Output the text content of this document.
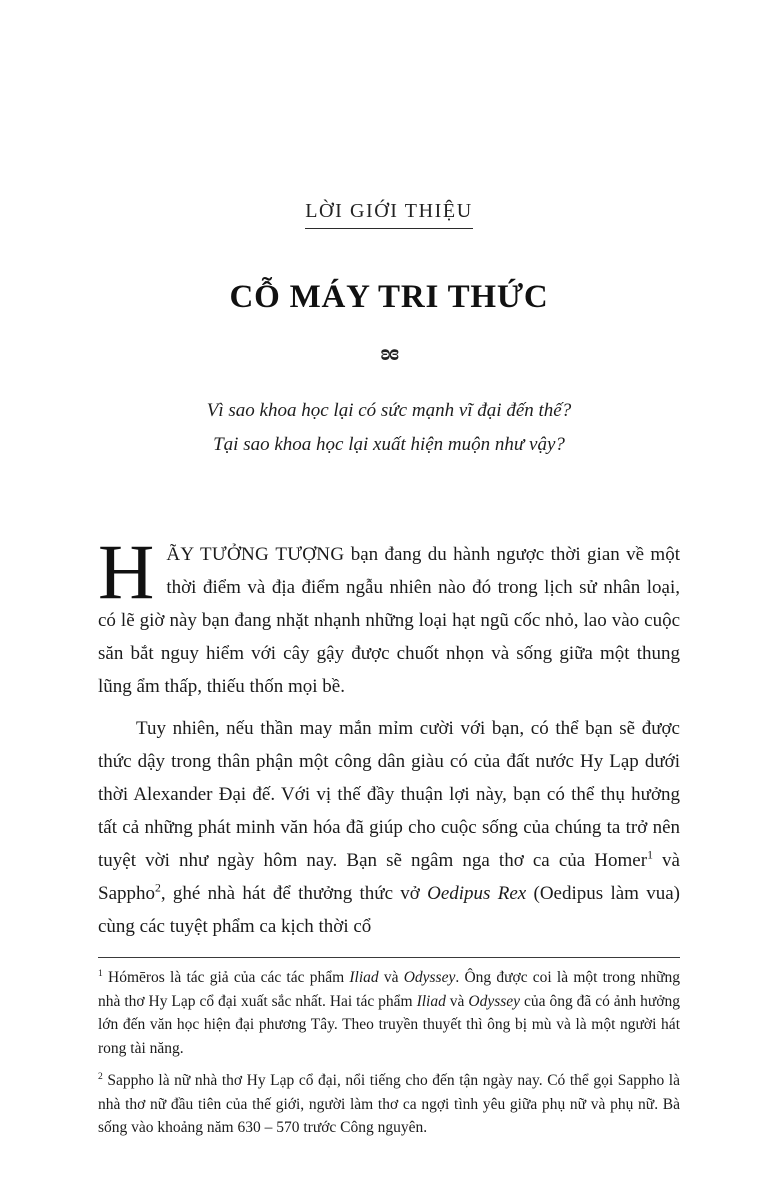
LỜI GIỚI THIỆU
CỖ MÁY TRI THỨC
ʚɞ
Vì sao khoa học lại có sức mạnh vĩ đại đến thế?
Tại sao khoa học lại xuất hiện muộn như vậy?

HÃY TƯỞNG TƯỢNG bạn đang du hành ngược thời gian về một thời điểm và địa điểm ngẫu nhiên nào đó trong lịch sử nhân loại, có lẽ giờ này bạn đang nhặt nhạnh những loại hạt ngũ cốc nhỏ, lao vào cuộc săn bắt nguy hiểm với cây gậy được chuốt nhọn và sống giữa một thung lũng ẩm thấp, thiếu thốn mọi bề.

Tuy nhiên, nếu thần may mắn mỉm cười với bạn, có thể bạn sẽ được thức dậy trong thân phận một công dân giàu có của đất nước Hy Lạp dưới thời Alexander Đại đế. Với vị thế đầy thuận lợi này, bạn có thể thụ hưởng tất cả những phát minh văn hóa đã giúp cho cuộc sống của chúng ta trở nên tuyệt vời như ngày hôm nay. Bạn sẽ ngâm nga thơ ca của Homer$^1$ và Sappho$^2$, ghé nhà hát để thưởng thức vở Oedipus Rex (Oedipus làm vua) cùng các tuyệt phẩm ca kịch thời cổ

$^1$ Hómēros là tác giả của các tác phẩm Iliad và Odyssey. Ông được coi là một trong những nhà thơ Hy Lạp cổ đại xuất sắc nhất. Hai tác phẩm Iliad và Odyssey của ông đã có ảnh hưởng lớn đến văn học hiện đại phương Tây. Theo truyền thuyết thì ông bị mù và là một người hát rong tài năng.

$^2$ Sappho là nữ nhà thơ Hy Lạp cổ đại, nổi tiếng cho đến tận ngày nay. Có thể gọi Sappho là nhà thơ nữ đầu tiên của thế giới, người làm thơ ca ngợi tình yêu giữa phụ nữ và phụ nữ. Bà sống vào khoảng năm 630 – 570 trước Công nguyên.
